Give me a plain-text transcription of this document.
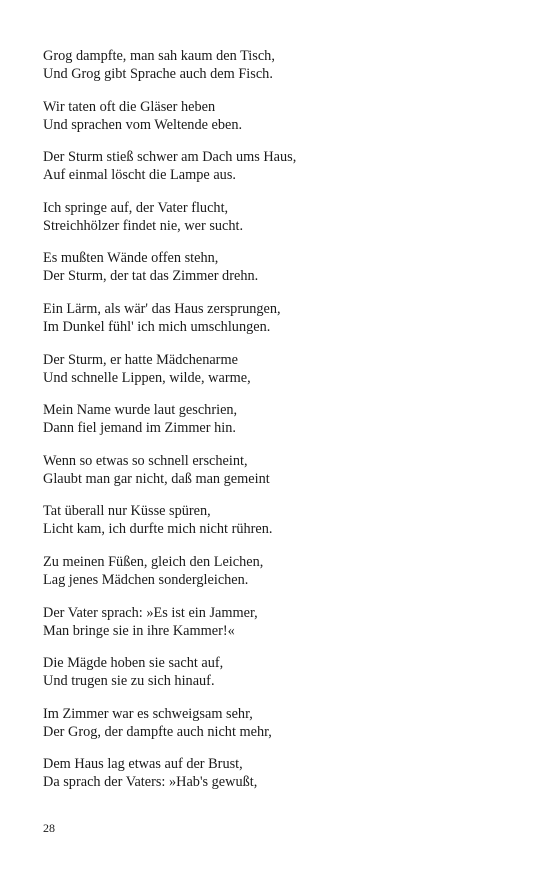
Grog dampfte, man sah kaum den Tisch,
Und Grog gibt Sprache auch dem Fisch.
Wir taten oft die Gläser heben
Und sprachen vom Weltende eben.
Der Sturm stieß schwer am Dach ums Haus,
Auf einmal löscht die Lampe aus.
Ich springe auf, der Vater flucht,
Streichhölzer findet nie, wer sucht.
Es mußten Wände offen stehn,
Der Sturm, der tat das Zimmer drehn.
Ein Lärm, als wär' das Haus zersprungen,
Im Dunkel fühl' ich mich umschlungen.
Der Sturm, er hatte Mädchenarme
Und schnelle Lippen, wilde, warme,
Mein Name wurde laut geschrien,
Dann fiel jemand im Zimmer hin.
Wenn so etwas so schnell erscheint,
Glaubt man gar nicht, daß man gemeint
Tat überall nur Küsse spüren,
Licht kam, ich durfte mich nicht rühren.
Zu meinen Füßen, gleich den Leichen,
Lag jenes Mädchen sondergleichen.
Der Vater sprach: »Es ist ein Jammer,
Man bringe sie in ihre Kammer!«
Die Mägde hoben sie sacht auf,
Und trugen sie zu sich hinauf.
Im Zimmer war es schweigsam sehr,
Der Grog, der dampfte auch nicht mehr,
Dem Haus lag etwas auf der Brust,
Da sprach der Vaters: »Hab's gewußt,
28
